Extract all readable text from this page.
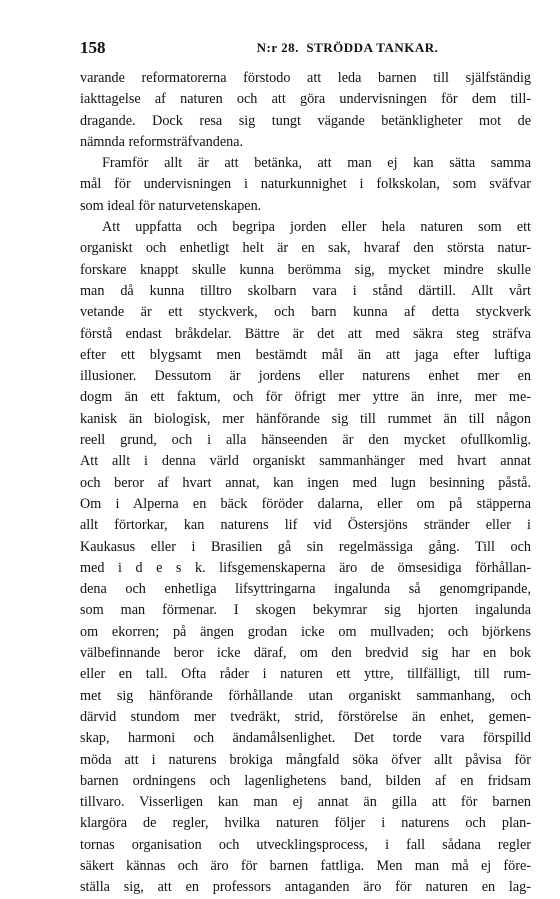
158	N:r 28. STRÖDDA TANKAR.
varande reformatorerna förstodo att leda barnen till själfständig
iakttagelse af naturen och att göra undervisningen för dem till-
dragande. Dock resa sig tungt vägande betänkligheter mot de
nämnda reformsträfvandena.
Framför allt är att betänka, att man ej kan sätta samma
mål för undervisningen i naturkunnighet i folkskolan, som sväfvar
som ideal för naturvetenskapen.
Att uppfatta och begripa jorden eller hela naturen som ett
organiskt och enhetligt helt är en sak, hvaraf den största natur-
forskare knappt skulle kunna berömma sig, mycket mindre skulle
man då kunna tilltro skolbarn vara i stånd därtill. Allt vårt
vetande är ett styckverk, och barn kunna af detta styckverk
förstå endast bråkdelar. Bättre är det att med säkra steg sträfva
efter ett blygsamt men bestämdt mål än att jaga efter luftiga
illusioner. Dessutom är jordens eller naturens enhet mer en
dogm än ett faktum, och för öfrigt mer yttre än inre, mer me-
kanisk än biologisk, mer hänförande sig till rummet än till någon
reell grund, och i alla hänseenden är den mycket ofullkomlig.
Att allt i denna värld organiskt sammanhänger med hvart annat
och beror af hvart annat, kan ingen med lugn besinning påstå.
Om i Alperna en bäck föröder dalarna, eller om på stäpperna
allt förtorkar, kan naturens lif vid Östersjöns stränder eller i
Kaukasus eller i Brasilien gå sin regelmässiga gång. Till och
med i d e s k. lifsgemenskaperna äro de ömsesidiga förhållan-
dena och enhetliga lifsyttringarna ingalunda så genomgripande,
som man förmenar. I skogen bekymrar sig hjorten ingalunda
om ekorren; på ängen grodan icke om mullvaden; och björkens
välbefinnande beror icke däraf, om den bredvid sig har en bok
eller en tall. Ofta råder i naturen ett yttre, tillfälligt, till rum-
met sig hänförande förhållande utan organiskt sammanhang, och
därvid stundom mer tvedräkt, strid, förstörelse än enhet, gemen-
skap, harmoni och ändamålsenlighet. Det torde vara förspilld
möda att i naturens brokiga mångfald söka öfver allt påvisa för
barnen ordningens och lagenlighetens band, bilden af en fridsam
tillvaro. Visserligen kan man ej annat än gilla att för barnen
klargöra de regler, hvilka naturen följer i naturens och plan-
tornas organisation och utvecklingsprocess, i fall sådana regler
säkert kännas och äro för barnen fattliga. Men man må ej före-
ställa sig, att en professors antaganden äro för naturen en lag-
